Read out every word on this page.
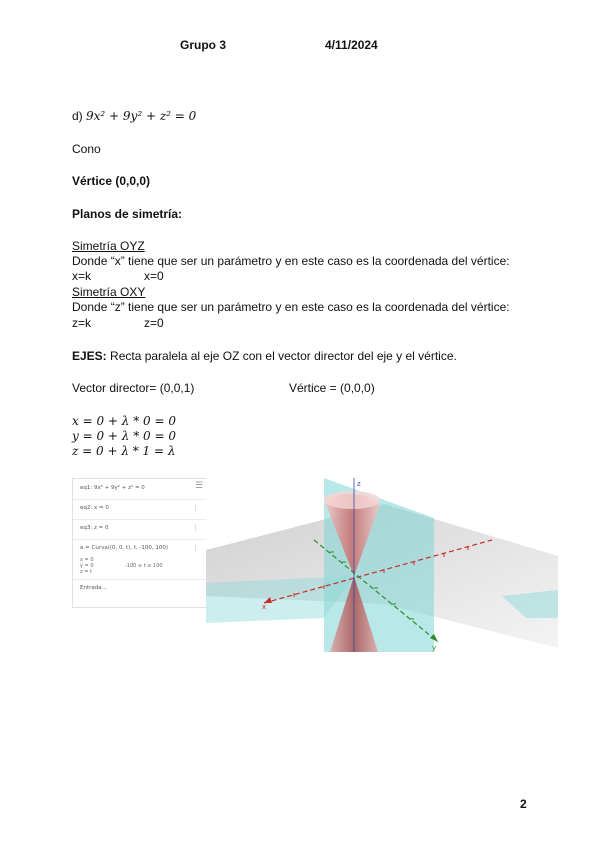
Grupo 3	4/11/2024
d) 9x² + 9y² + z² = 0
Cono
Vértice (0,0,0)
Planos de simetría:
Simetría OYZ
Donde “x” tiene que ser un parámetro y en este caso es la coordenada del vértice:
x=k	x=0
Simetría OXY
Donde “z” tiene que ser un parámetro y en este caso es la coordenada del vértice:
z=k	z=0
EJES: Recta paralela al eje OZ con el vector director del eje y el vértice.
Vector director= (0,0,1)	Vértice = (0,0,0)
x = 0 + λ * 0 = 0
y = 0 + λ * 0 = 0
z = 0 + λ * 1 = λ
eq1: 9x² + 9y² + z² = 0	☰
eq2: x = 0	⋮
eq3: z = 0	⋮
a = Curva((0, 0, t), t, -100, 100)	⋮
x = 0
y = 0
z = t
-100 ≤ t ≤ 100
Entrada...
x
y
z
2
